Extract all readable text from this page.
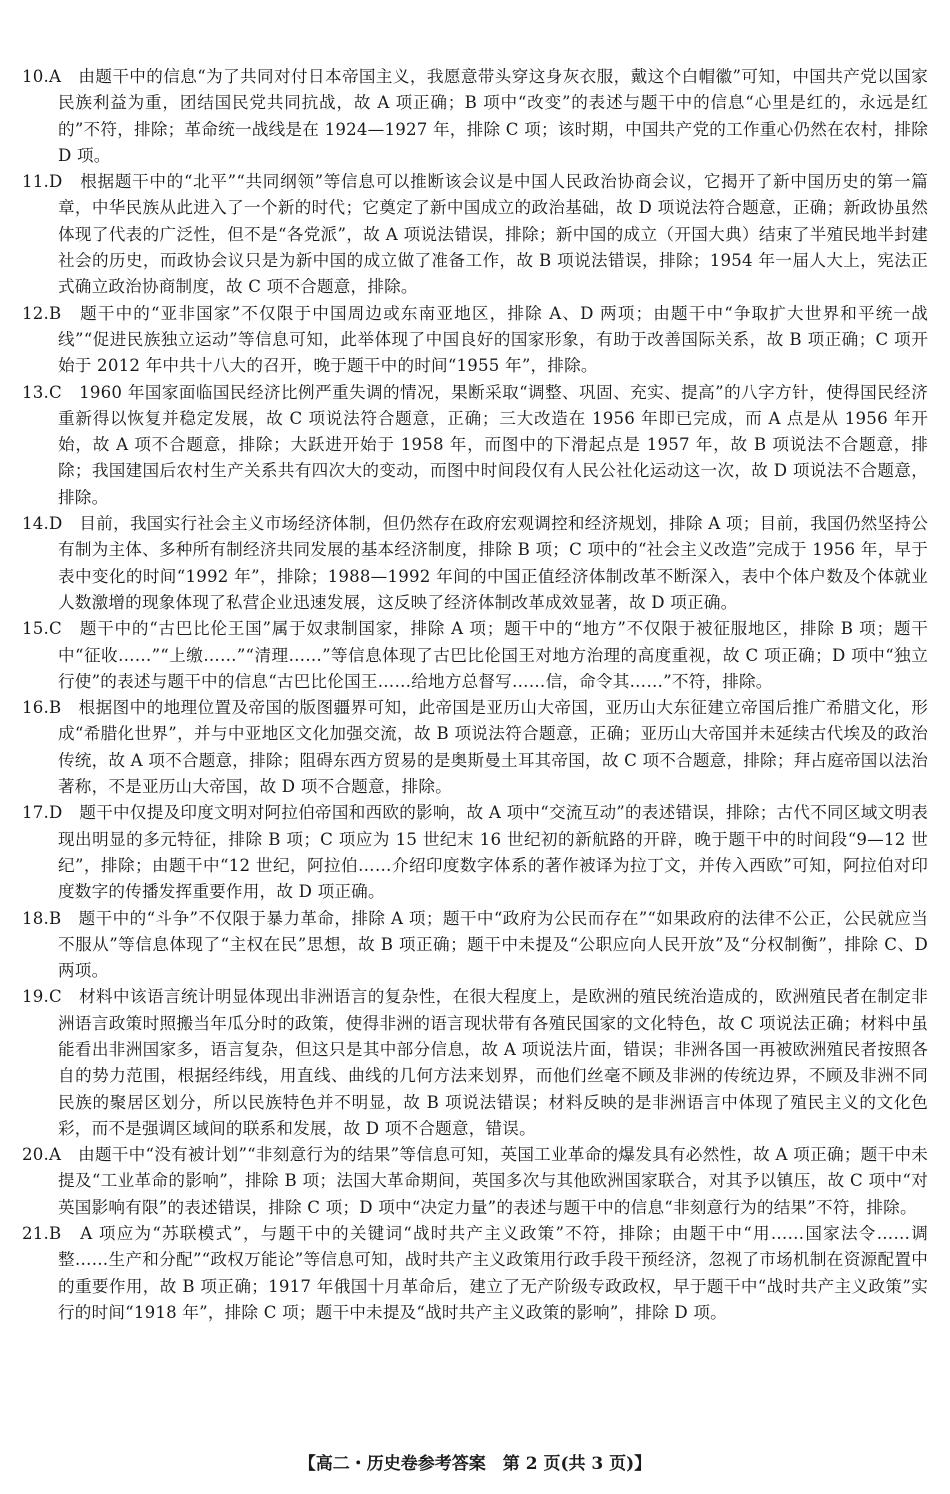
10.A　 由题干中的信息“为了共同对付日本帝国主义，我愿意带头穿这身灰衣服，戴这个白帽徽”可知，中国共产党以国家民族利益为重，团结国民党共同抗战，故 A 项正确；B 项中“改变”的表述与题干中的信息“心里是红的，永远是红的”不符，排除；革命统一战线是在 1924—1927 年，排除 C 项；该时期，中国共产党的工作重心仍然在农村，排除 D 项。
11.D　 根据题干中的“北平”“共同纲领”等信息可以推断该会议是中国人民政治协商会议，它揭开了新中国历史的第一篇章，中华民族从此进入了一个新的时代；它奠定了新中国成立的政治基础，故 D 项说法符合题意，正确；新政协虽然体现了代表的广泛性，但不是“各党派”，故 A 项说法错误，排除；新中国的成立（开国大典）结束了半殖民地半封建社会的历史，而政协会议只是为新中国的成立做了准备工作，故 B 项说法错误，排除；1954 年一届人大上，宪法正式确立政治协商制度，故 C 项不合题意，排除。
12.B　 题干中的“亚非国家”不仅限于中国周边或东南亚地区，排除 A、D 两项；由题干中“争取扩大世界和平统一战线”“促进民族独立运动”等信息可知，此举体现了中国良好的国家形象，有助于改善国际关系，故 B 项正确；C 项开始于 2012 年中共十八大的召开，晚于题干中的时间“1955 年”，排除。
13.C　 1960 年国家面临国民经济比例严重失调的情况，果断采取“调整、巩固、充实、提高”的八字方针，使得国民经济重新得以恢复并稳定发展，故 C 项说法符合题意，正确；三大改造在 1956 年即已完成，而 A 点是从 1956 年开始，故 A 项不合题意，排除；大跃进开始于 1958 年，而图中的下滑起点是 1957 年，故 B 项说法不合题意，排除；我国建国后农村生产关系共有四次大的变动，而图中时间段仅有人民公社化运动这一次，故 D 项说法不合题意，排除。
14.D　 目前，我国实行社会主义市场经济体制，但仍然存在政府宏观调控和经济规划，排除 A 项；目前，我国仍然坚持公有制为主体、多种所有制经济共同发展的基本经济制度，排除 B 项；C 项中的“社会主义改造”完成于 1956 年，早于表中变化的时间“1992 年”，排除；1988—1992 年间的中国正值经济体制改革不断深入，表中个体户数及个体就业人数激增的现象体现了私营企业迅速发展，这反映了经济体制改革成效显著，故 D 项正确。
15.C　 题干中的“古巴比伦王国”属于奴隶制国家，排除 A 项；题干中的“地方”不仅限于被征服地区，排除 B 项；题干中“征收……”“上缴……”“清理……”等信息体现了古巴比伦国王对地方治理的高度重视，故 C 项正确；D 项中“独立行使”的表述与题干中的信息“古巴比伦国王……给地方总督写……信，命令其……”不符，排除。
16.B　 根据图中的地理位置及帝国的版图疆界可知，此帝国是亚历山大帝国，亚历山大东征建立帝国后推广希腊文化，形成“希腊化世界”，并与中亚地区文化加强交流，故 B 项说法符合题意，正确；亚历山大帝国并未延续古代埃及的政治传统，故 A 项不合题意，排除；阻碍东西方贸易的是奥斯曼土耳其帝国，故 C 项不合题意，排除；拜占庭帝国以法治著称，不是亚历山大帝国，故 D 项不合题意，排除。
17.D　 题干中仅提及印度文明对阿拉伯帝国和西欧的影响，故 A 项中“交流互动”的表述错误，排除；古代不同区域文明表现出明显的多元特征，排除 B 项；C 项应为 15 世纪末 16 世纪初的新航路的开辟，晚于题干中的时间段“9—12 世纪”，排除；由题干中“12 世纪，阿拉伯……介绍印度数字体系的著作被译为拉丁文，并传入西欧”可知，阿拉伯对印度数字的传播发挥重要作用，故 D 项正确。
18.B　 题干中的“斗争”不仅限于暴力革命，排除 A 项；题干中“政府为公民而存在”“如果政府的法律不公正，公民就应当不服从”等信息体现了“主权在民”思想，故 B 项正确；题干中未提及“公职应向人民开放”及“分权制衡”，排除 C、D 两项。
19.C　 材料中该语言统计明显体现出非洲语言的复杂性，在很大程度上，是欧洲的殖民统治造成的，欧洲殖民者在制定非洲语言政策时照搬当年瓜分时的政策，使得非洲的语言现状带有各殖民国家的文化特色，故 C 项说法正确；材料中虽能看出非洲国家多，语言复杂，但这只是其中部分信息，故 A 项说法片面，错误；非洲各国一再被欧洲殖民者按照各自的势力范围，根据经纬线，用直线、曲线的几何方法来划界，而他们丝毫不顾及非洲的传统边界，不顾及非洲不同民族的聚居区划分，所以民族特色并不明显，故 B 项说法错误；材料反映的是非洲语言中体现了殖民主义的文化色彩，而不是强调区域间的联系和发展，故 D 项不合题意，错误。
20.A　 由题干中“没有被计划”“非刻意行为的结果”等信息可知，英国工业革命的爆发具有必然性，故 A 项正确；题干中未提及“工业革命的影响”，排除 B 项；法国大革命期间，英国多次与其他欧洲国家联合，对其予以镇压，故 C 项中“对英国影响有限”的表述错误，排除 C 项；D 项中“决定力量”的表述与题干中的信息“非刻意行为的结果”不符，排除。
21.B　 A 项应为“苏联模式”，与题干中的关键词“战时共产主义政策”不符，排除；由题干中“用……国家法令……调整……生产和分配”“政权万能论”等信息可知，战时共产主义政策用行政手段干预经济，忽视了市场机制在资源配置中的重要作用，故 B 项正确；1917 年俄国十月革命后，建立了无产阶级专政政权，早于题干中“战时共产主义政策”实行的时间“1918 年”，排除 C 项；题干中未提及“战时共产主义政策的影响”，排除 D 项。
【高二・历史卷参考答案　第 2 页(共 3 页)】
